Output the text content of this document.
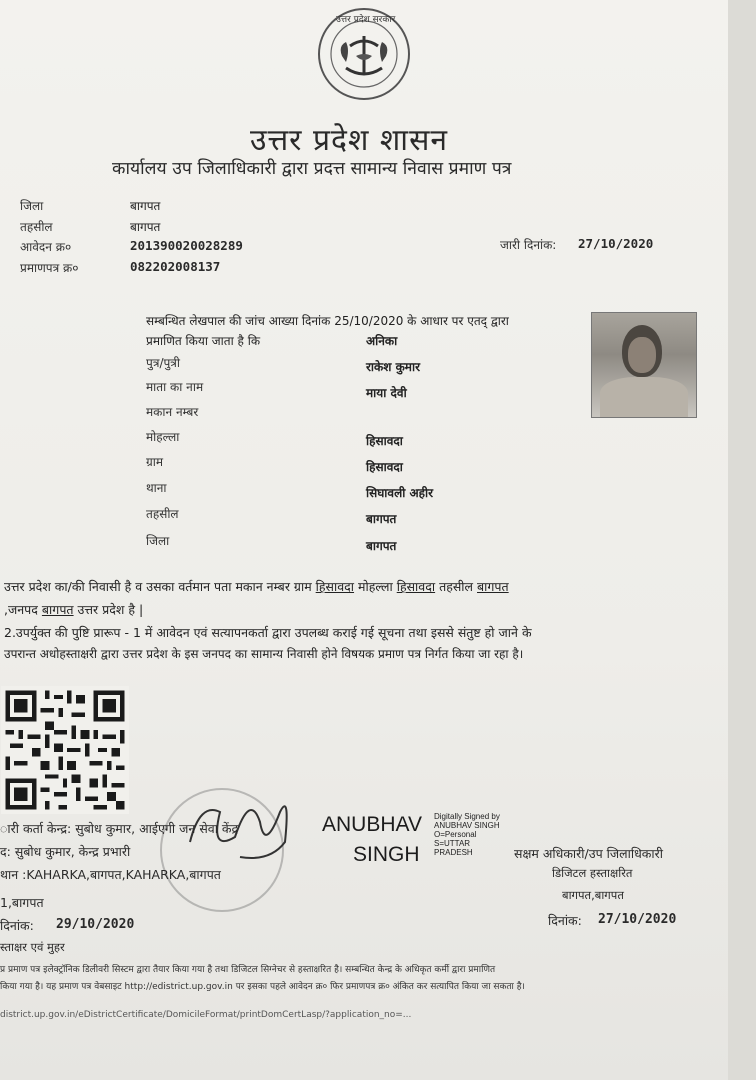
उत्तर प्रदेश सरकार
उत्तर प्रदेश शासन
कार्यालय उप जिलाधिकारी द्वारा प्रदत्त सामान्य निवास प्रमाण पत्र
जिला	बागपत
तहसील	बागपत
आवेदन क्र०	201390020028289
प्रमाणपत्र क्र०	082202008137
जारी दिनांक: 27/10/2020
सम्बन्धित लेखपाल की जांच आख्या दिनांक 25/10/2020 के आधार पर एतद् द्वारा
प्रमाणित किया जाता है कि	अनिका
पुत्र/पुत्री	राकेश कुमार
माता का नाम	माया देवी
मकान नम्बर
मोहल्ला	हिसावदा
ग्राम	हिसावदा
थाना	सिघावली अहीर
तहसील	बागपत
जिला	बागपत
उत्तर प्रदेश का/की निवासी है व उसका वर्तमान पता मकान नम्बर ग्राम हिसावदा मोहल्ला हिसावदा तहसील बागपत
,जनपद बागपत उत्तर प्रदेश है |
2.उपर्युक्त की पुष्टि प्रारूप - 1 में आवेदन एवं सत्यापनकर्ता द्वारा उपलब्ध कराई गई सूचना तथा इससे संतुष्ट हो जाने के
उपरान्त अधोहस्ताक्षरी द्वारा उत्तर प्रदेश के इस जनपद का सामान्य निवासी होने विषयक प्रमाण पत्र निर्गत किया जा रहा है।
ारी कर्ता केन्द्र: सुबोध कुमार, आईएगी जन सेवा केंद्र
द: सुबोध कुमार, केन्द्र प्रभारी
थान :KAHARKA,बागपत,KAHARKA,बागपत
1,बागपत
दिनांक: 29/10/2020
स्ताक्षर एवं मुहर
ANUBHAV
SINGH
Digitally Signed by
ANUBHAV SINGH
O=Personal
S=UTTAR
PRADESH	सक्षम अधिकारी/उप जिलाधिकारी
डिजिटल हस्ताक्षरित
बागपत,बागपत
दिनांक: 27/10/2020
प्र प्रमाण पत्र इलेक्ट्रॉनिक डिलीवरी सिस्टम द्वारा तैयार किया गया है तथा डिजिटल सिग्नेचर से हस्ताक्षरित है। सम्बन्धित केन्द्र के अधिकृत कर्मी द्वारा प्रमाणित
किया गया है। यह प्रमाण पत्र वेबसाइट http://edistrict.up.gov.in पर इसका पहले आवेदन क्र० फिर प्रमाणपत्र क्र० अंकित कर सत्यापित किया जा सकता है।
district.up.gov.in/eDistrictCertificate/DomicileFormat/printDomCertLasp/?application_no=...
